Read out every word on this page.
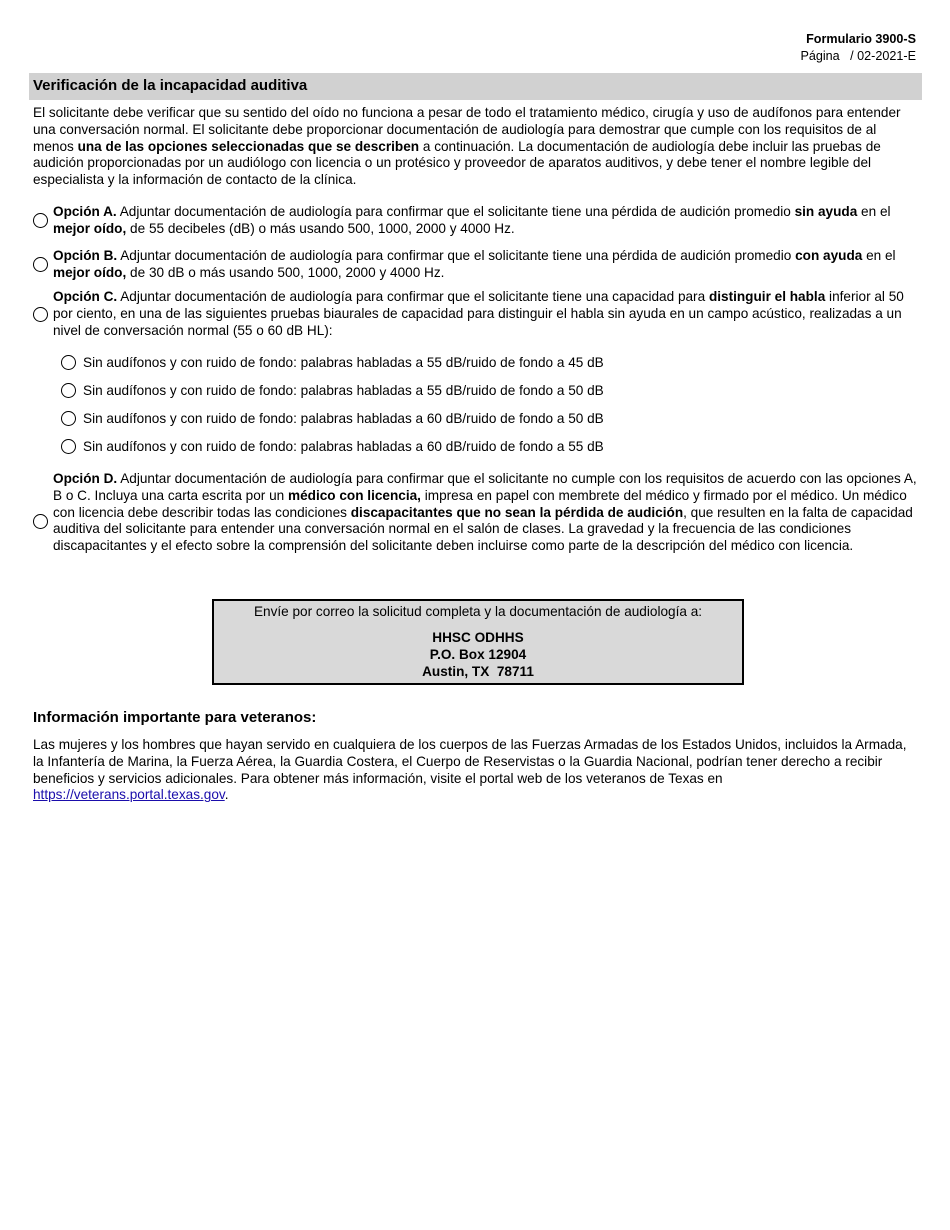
Formulario 3900-S
Página   / 02-2021-E
Verificación de la incapacidad auditiva
El solicitante debe verificar que su sentido del oído no funciona a pesar de todo el tratamiento médico, cirugía y uso de audífonos para entender una conversación normal. El solicitante debe proporcionar documentación de audiología para demostrar que cumple con los requisitos de al menos una de las opciones seleccionadas que se describen a continuación. La documentación de audiología debe incluir las pruebas de audición proporcionadas por un audiólogo con licencia o un protésico y proveedor de aparatos auditivos, y debe tener el nombre legible del especialista y la información de contacto de la clínica.
Opción A. Adjuntar documentación de audiología para confirmar que el solicitante tiene una pérdida de audición promedio sin ayuda en el mejor oído, de 55 decibeles (dB) o más usando 500, 1000, 2000 y 4000 Hz.
Opción B. Adjuntar documentación de audiología para confirmar que el solicitante tiene una pérdida de audición promedio con ayuda en el mejor oído, de 30 dB o más usando 500, 1000, 2000 y 4000 Hz.
Opción C. Adjuntar documentación de audiología para confirmar que el solicitante tiene una capacidad para distinguir el habla inferior al 50 por ciento, en una de las siguientes pruebas biaurales de capacidad para distinguir el habla sin ayuda en un campo acústico, realizadas a un nivel de conversación normal (55 o 60 dB HL):
Sin audífonos y con ruido de fondo: palabras habladas a 55 dB/ruido de fondo a 45 dB
Sin audífonos y con ruido de fondo: palabras habladas a 55 dB/ruido de fondo a 50 dB
Sin audífonos y con ruido de fondo: palabras habladas a 60 dB/ruido de fondo a 50 dB
Sin audífonos y con ruido de fondo: palabras habladas a 60 dB/ruido de fondo a 55 dB
Opción D. Adjuntar documentación de audiología para confirmar que el solicitante no cumple con los requisitos de acuerdo con las opciones A, B o C. Incluya una carta escrita por un médico con licencia, impresa en papel con membrete del médico y firmado por el médico. Un médico con licencia debe describir todas las condiciones discapacitantes que no sean la pérdida de audición, que resulten en la falta de capacidad auditiva del solicitante para entender una conversación normal en el salón de clases. La gravedad y la frecuencia de las condiciones discapacitantes y el efecto sobre la comprensión del solicitante deben incluirse como parte de la descripción del médico con licencia.
Envíe por correo la solicitud completa y la documentación de audiología a:
HHSC ODHHS
P.O. Box 12904
Austin, TX  78711
Información importante para veteranos:
Las mujeres y los hombres que hayan servido en cualquiera de los cuerpos de las Fuerzas Armadas de los Estados Unidos, incluidos la Armada, la Infantería de Marina, la Fuerza Aérea, la Guardia Costera, el Cuerpo de Reservistas o la Guardia Nacional, podrían tener derecho a recibir beneficios y servicios adicionales. Para obtener más información, visite el portal web de los veteranos de Texas en https://veterans.portal.texas.gov.
